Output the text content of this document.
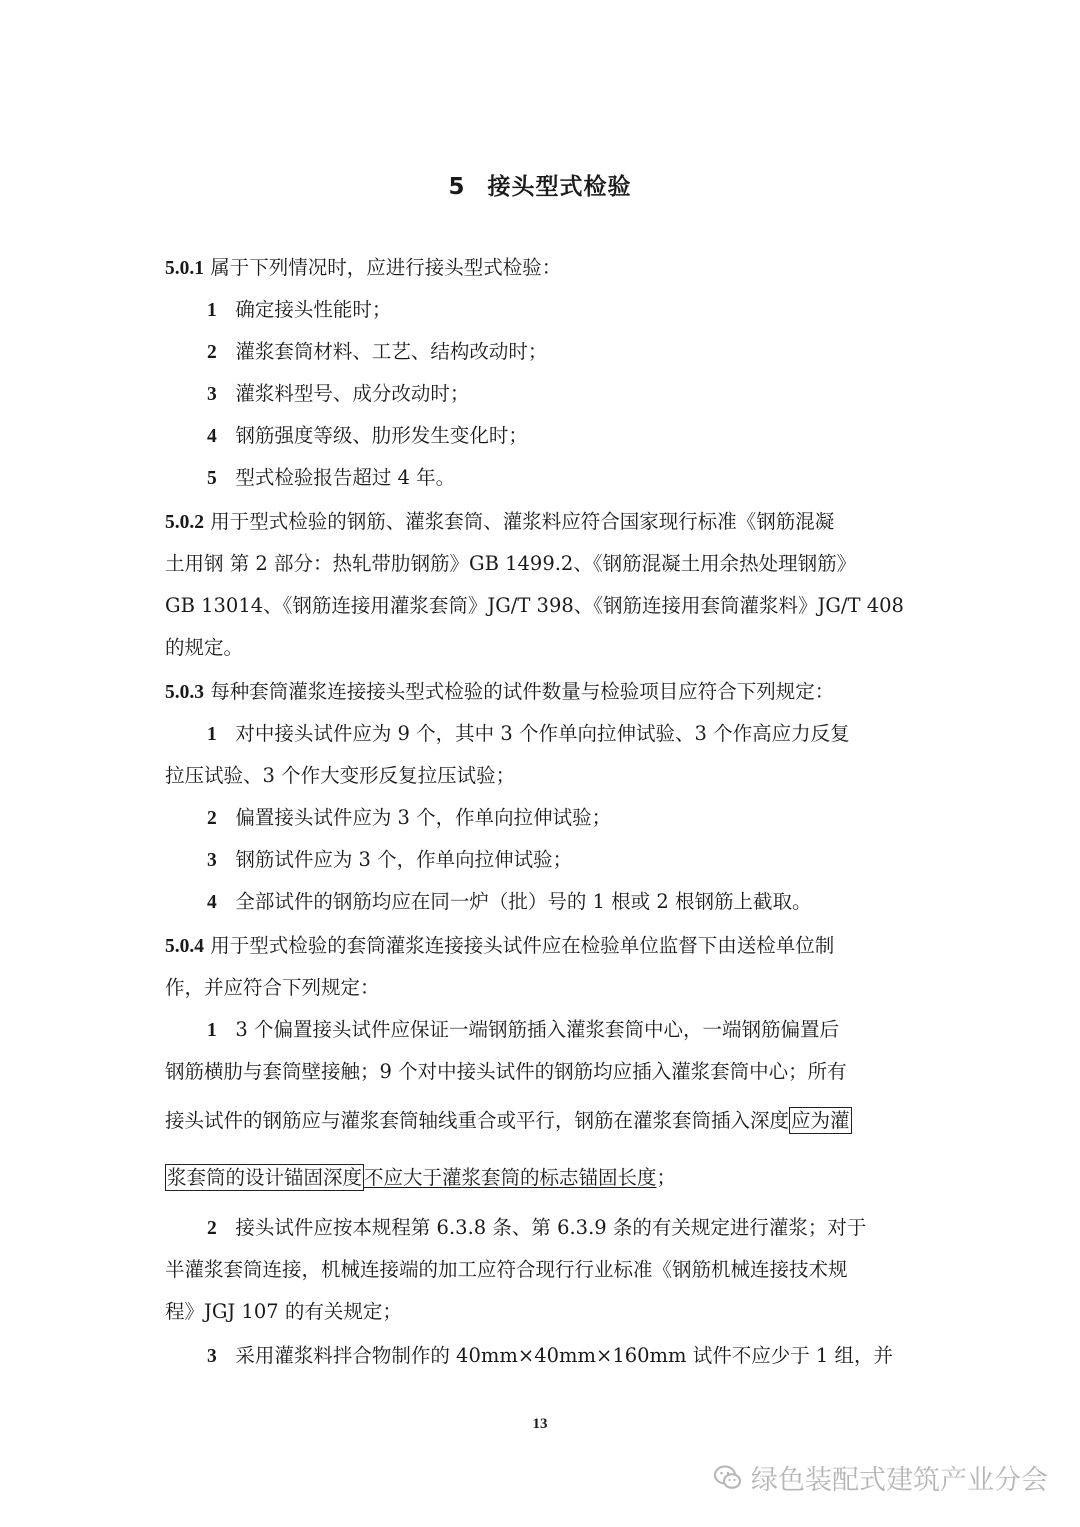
5 接头型式检验
5.0.1 属于下列情况时，应进行接头型式检验：
1 确定接头性能时；
2 灌浆套筒材料、工艺、结构改动时；
3 灌浆料型号、成分改动时；
4 钢筋强度等级、肋形发生变化时；
5 型式检验报告超过 4 年。
5.0.2 用于型式检验的钢筋、灌浆套筒、灌浆料应符合国家现行标准《钢筋混凝
土用钢 第 2 部分：热轧带肋钢筋》GB 1499.2、《钢筋混凝土用余热处理钢筋》
GB 13014、《钢筋连接用灌浆套筒》JG/T 398、《钢筋连接用套筒灌浆料》JG/T 408
的规定。
5.0.3 每种套筒灌浆连接接头型式检验的试件数量与检验项目应符合下列规定：
1 对中接头试件应为 9 个，其中 3 个作单向拉伸试验、3 个作高应力反复
拉压试验、3 个作大变形反复拉压试验；
2 偏置接头试件应为 3 个，作单向拉伸试验；
3 钢筋试件应为 3 个，作单向拉伸试验；
4 全部试件的钢筋均应在同一炉（批）号的 1 根或 2 根钢筋上截取。
5.0.4 用于型式检验的套筒灌浆连接接头试件应在检验单位监督下由送检单位制
作，并应符合下列规定：
1 3 个偏置接头试件应保证一端钢筋插入灌浆套筒中心，一端钢筋偏置后
钢筋横肋与套筒壁接触；9 个对中接头试件的钢筋均应插入灌浆套筒中心；所有
接头试件的钢筋应与灌浆套筒轴线重合或平行，钢筋在灌浆套筒插入深度 应为灌
浆套筒的设计锚固深度 不应大于灌浆套筒的标志锚固长度；
2 接头试件应按本规程第 6.3.8 条、第 6.3.9 条的有关规定进行灌浆；对于
半灌浆套筒连接，机械连接端的加工应符合现行行业标准《钢筋机械连接技术规
程》JGJ 107 的有关规定；
3 采用灌浆料拌合物制作的 40mm×40mm×160mm 试件不应少于 1 组，并
13
绿色装配式建筑产业分会
